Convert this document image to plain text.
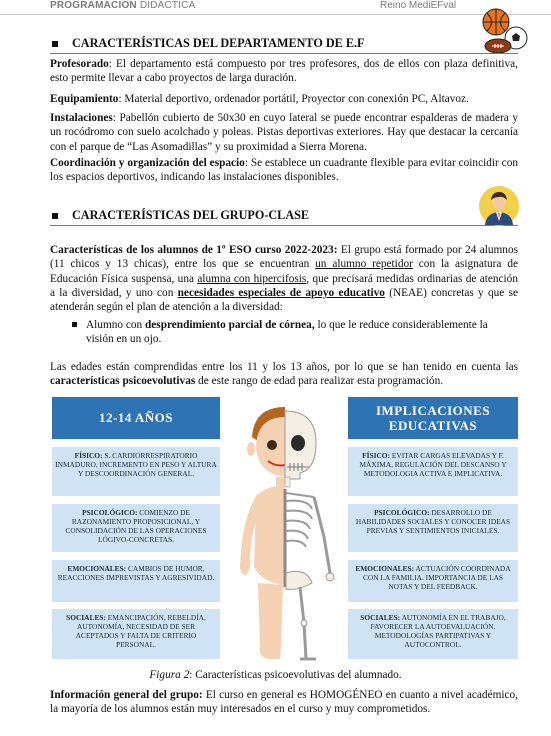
PROGRAMACIÓN DIDÁCTICA	Reino MediEFval
CARACTERÍSTICAS DEL DEPARTAMENTO DE E.F
Profesorado: El departamento está compuesto por tres profesores, dos de ellos con plaza definitiva, esto permite llevar a cabo proyectos de larga duración.
Equipamiento: Material deportivo, ordenador portátil, Proyector con conexión PC, Altavoz.
Instalaciones: Pabellón cubierto de 50x30 en cuyo lateral se puede encontrar espalderas de madera y un rocódromo con suelo acolchado y poleas. Pistas deportivas exteriores. Hay que destacar la cercanía con el parque de “Las Asomadillas” y su proximidad a Sierra Morena.
Coordinación y organización del espacio: Se establece un cuadrante flexible para evitar coincidir con los espacios deportivos, indicando las instalaciones disponibles.
CARACTERÍSTICAS DEL GRUPO-CLASE
Características de los alumnos de 1º ESO curso 2022-2023: El grupo está formado por 24 alumnos (11 chicos y 13 chicas), entre los que se encuentran un alumno repetidor con la asignatura de Educación Física suspensa, una alumna con hipercifosis, que precisará medidas ordinarias de atención a la diversidad, y uno con necesidades especiales de apoyo educativo (NEAE) concretas y que se atenderán según el plan de atención a la diversidad:
Alumno con desprendimiento parcial de córnea, lo que le reduce considerablemente la visión en un ojo.
Las edades están comprendidas entre los 11 y los 13 años, por lo que se han tenido en cuenta las características psicoevolutivas de este rango de edad para realizar esta programación.
12-14 AÑOS	IMPLICACIONES EDUCATIVAS
FÍSICO: S. CARDIORRESPIRATORIO INMADURO, INCREMENTO EN PESO Y ALTURA Y DESCOORDINACIÓN GENERAL.
PSICOLÓGICO: COMIENZO DE RAZONAMIENTO PROPOSICIONAL, Y CONSOLIDACIÓN DE LAS OPERACIONES LÓGIVO-CONCRETAS.
EMOCIONALES: CAMBIOS DE HUMOR, REACCIONES IMPREVISTAS Y AGRESIVIDAD.
SOCIALES: EMANCIPACIÓN, REBELDÍA, AUTONOMÍA, NECESIDAD DE SER ACEPTADOS Y FALTA DE CRITERIO PERSONAL.
FÍSICO: EVITAR CARGAS ELEVADAS Y F. MÁXIMA, REGULACIÓN DEL DESCANSO Y METODOLOGIA ACTIVA E IMPLICATIVA.
PSICOLÓGICO: DESARROLLO DE HABILIDADES SOCIALES Y CONOCER IDEAS PREVIAS Y SENTIMIENTOS INICIALES.
EMOCIONALES: ACTUACIÓN COORDINADA CON LA FAMILIA. IMPORTANCIA DE LAS NOTAS Y DEL FEEDBACK.
SOCIALES: AUTONOMÍA EN EL TRABAJO, FAVORECER LA AUTOEVALUACIÓN. METODOLOGÍAS PARTIPATIVAS Y AUTOCONTROL.
Figura 2: Características psicoevolutivas del alumnado.
Información general del grupo: El curso en general es HOMOGÉNEO en cuanto a nivel académico, la mayoría de los alumnos están muy interesados en el curso y muy comprometidos.
